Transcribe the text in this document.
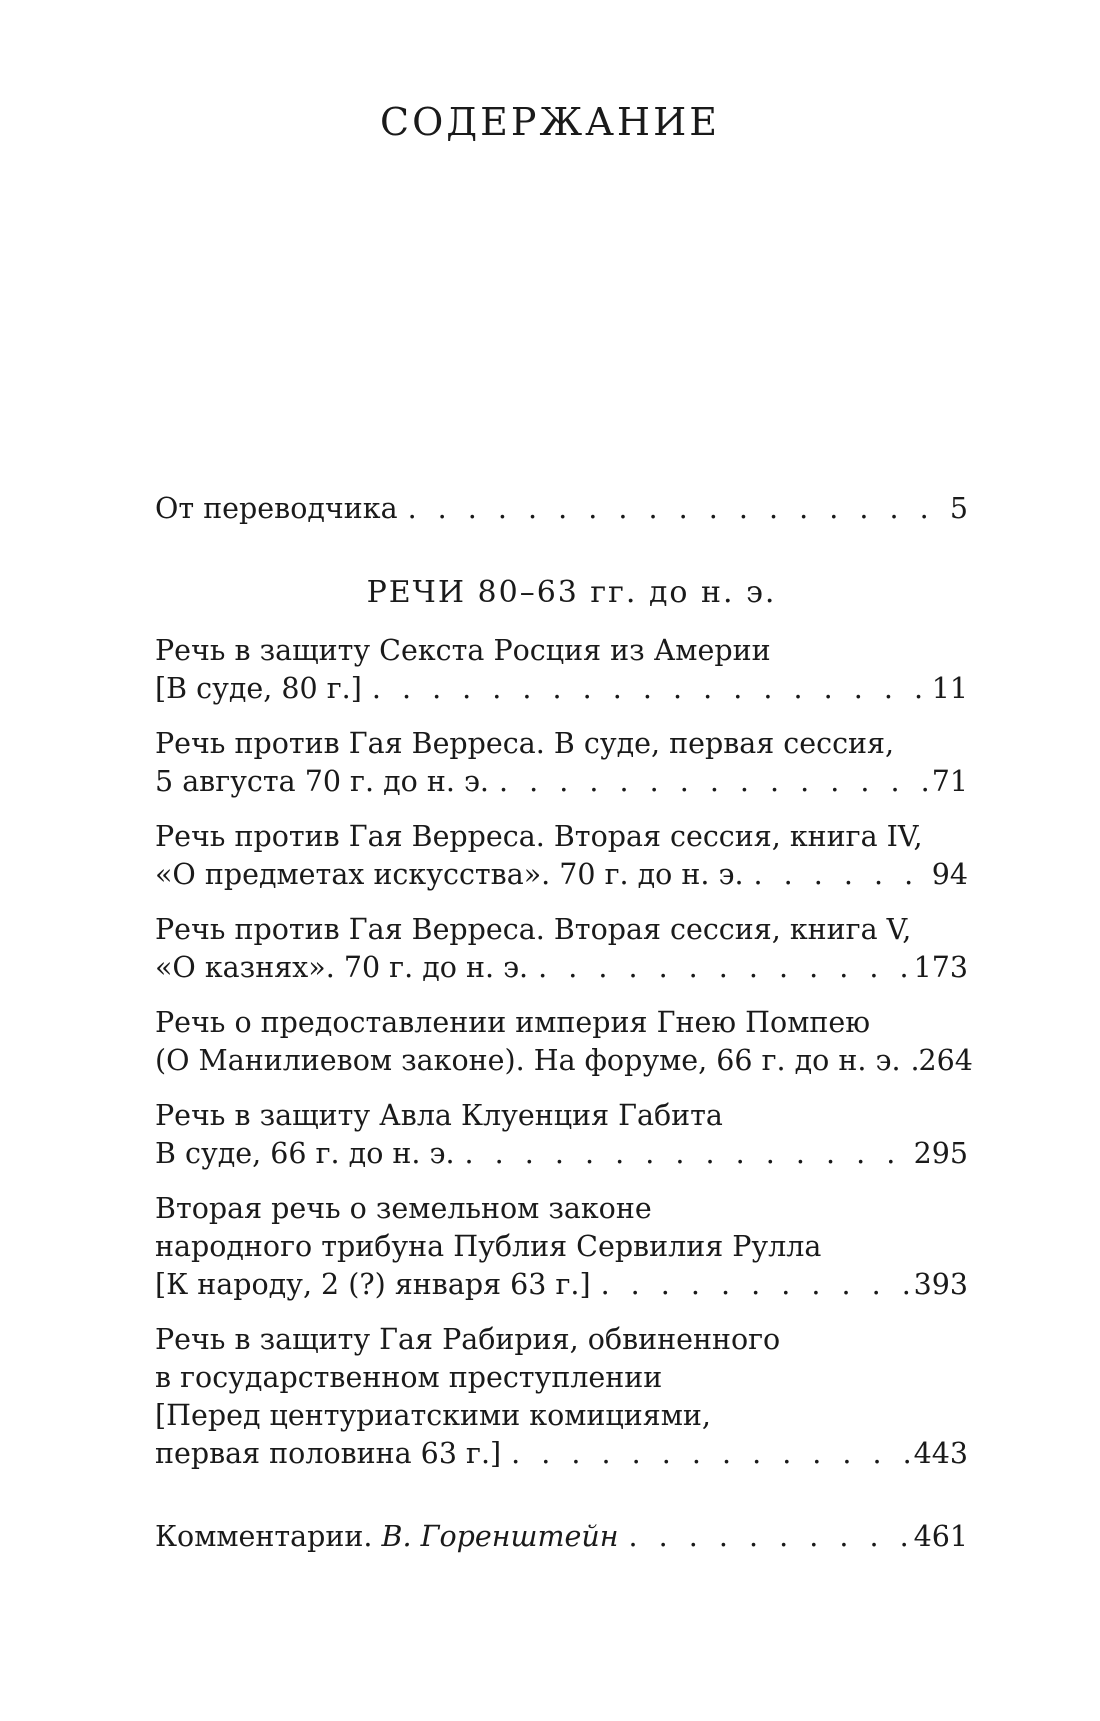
СОДЕРЖАНИЕ
От переводчика . . .	5
РЕЧИ 80–63 гг. до н. э.
Речь в защиту Секста Росция из Америи
[В суде, 80 г.] . . .	11
Речь против Гая Верреса. В суде, первая сессия,
5 августа 70 г. до н. э. . . .	71
Речь против Гая Верреса. Вторая сессия, книга IV,
«О предметах искусства». 70 г. до н. э. . . .	94
Речь против Гая Верреса. Вторая сессия, книга V,
«О казнях». 70 г. до н. э. . . .	173
Речь о предоставлении империя Гнею Помпею
(О Манилиевом законе). На форуме, 66 г. до н. э. . . . 264
Речь в защиту Авла Клуенция Габита
В суде, 66 г. до н. э. . . .	295
Вторая речь о земельном законе
народного трибуна Публия Сервилия Рулла
[К народу, 2 (?) января 63 г.] . . .	393
Речь в защиту Гая Рабирия, обвиненного
в государственном преступлении
[Перед центуриатскими комициями,
первая половина 63 г.] . . .	443
Комментарии. В. Горенштейн . . .	461
